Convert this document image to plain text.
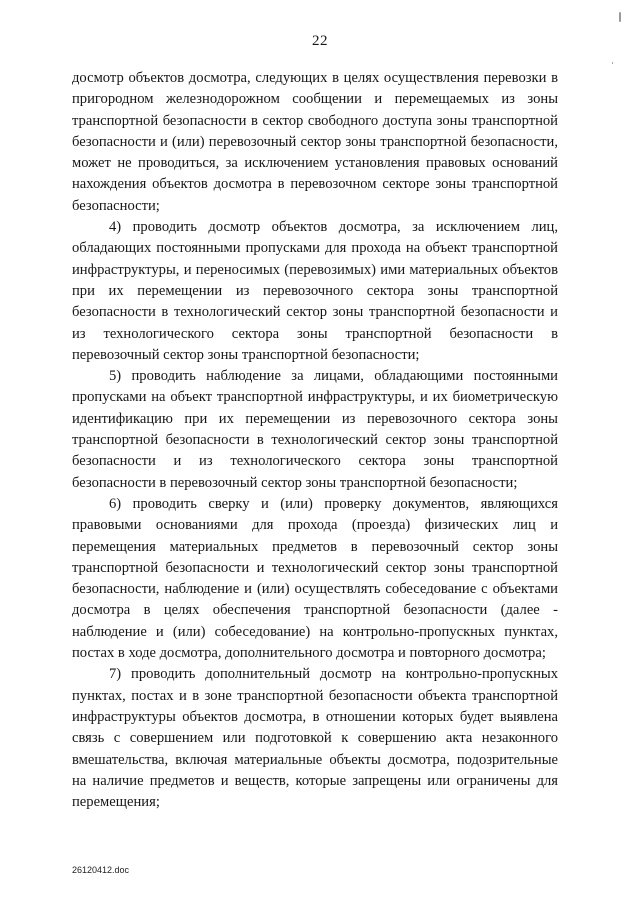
22

досмотр объектов досмотра, следующих в целях осуществления перевозки в пригородном железнодорожном сообщении и перемещаемых из зоны транспортной безопасности в сектор свободного доступа зоны транспортной безопасности и (или) перевозочный сектор зоны транспортной безопасности, может не проводиться, за исключением установления правовых оснований нахождения объектов досмотра в перевозочном секторе зоны транспортной безопасности;

4) проводить досмотр объектов досмотра, за исключением лиц, обладающих постоянными пропусками для прохода на объект транспортной инфраструктуры, и переносимых (перевозимых) ими материальных объектов при их перемещении из перевозочного сектора зоны транспортной безопасности в технологический сектор зоны транспортной безопасности и из технологического сектора зоны транспортной безопасности в перевозочный сектор зоны транспортной безопасности;

5) проводить наблюдение за лицами, обладающими постоянными пропусками на объект транспортной инфраструктуры, и их биометрическую идентификацию при их перемещении из перевозочного сектора зоны транспортной безопасности в технологический сектор зоны транспортной безопасности и из технологического сектора зоны транспортной безопасности в перевозочный сектор зоны транспортной безопасности;

6) проводить сверку и (или) проверку документов, являющихся правовыми основаниями для прохода (проезда) физических лиц и перемещения материальных предметов в перевозочный сектор зоны транспортной безопасности и технологический сектор зоны транспортной безопасности, наблюдение и (или) осуществлять собеседование с объектами досмотра в целях обеспечения транспортной безопасности (далее - наблюдение и (или) собеседование) на контрольно-пропускных пунктах, постах в ходе досмотра, дополнительного досмотра и повторного досмотра;

7) проводить дополнительный досмотр на контрольно-пропускных пунктах, постах и в зоне транспортной безопасности объекта транспортной инфраструктуры объектов досмотра, в отношении которых будет выявлена связь с совершением или подготовкой к совершению акта незаконного вмешательства, включая материальные объекты досмотра, подозрительные на наличие предметов и веществ, которые запрещены или ограничены для перемещения;

26120412.doc
